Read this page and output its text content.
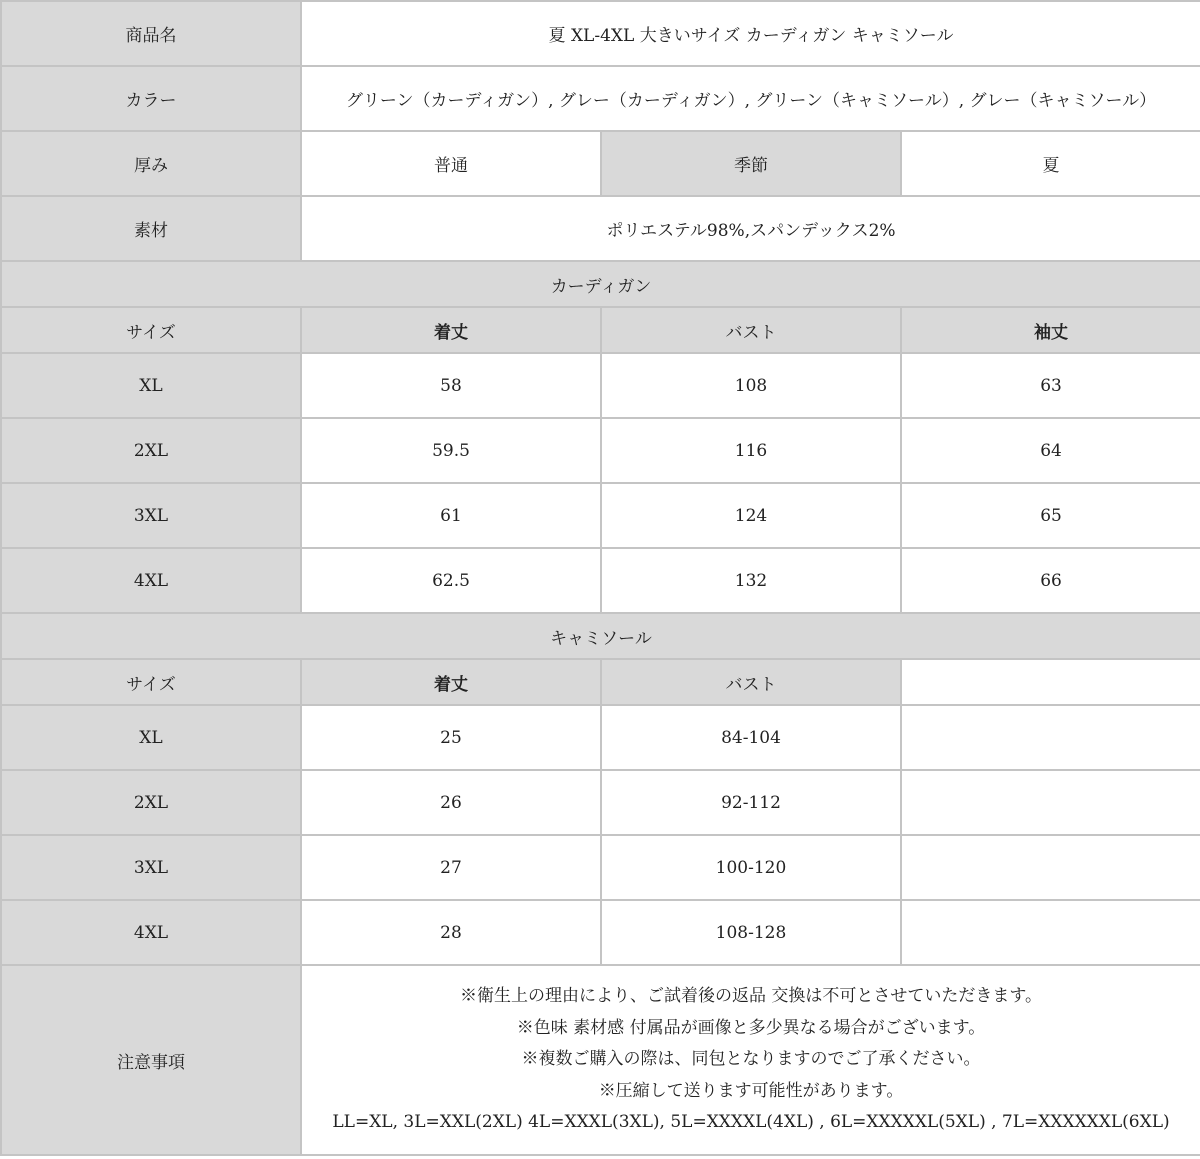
商品名	夏 XL-4XL 大きいサイズ カーディガン キャミソール		
カラー	グリーン（カーディガン）, グレー（カーディガン）, グリーン（キャミソール）, グレー（キャミソール）		
厚み	普通	季節	夏
素材	ポリエステル98%,スパンデックス2%		
カーディガン			
サイズ	着丈	バスト	袖丈
XL	58	108	63
2XL	59.5	116	64
3XL	61	124	65
4XL	62.5	132	66
キャミソール			
サイズ	着丈	バスト	
XL	25	84-104	
2XL	26	92-112	
3XL	27	100-120	
4XL	28	108-128	
注意事項	※衛生上の理由により、ご試着後の返品 交換は不可とさせていただきます。
※色味 素材感 付属品が画像と多少異なる場合がございます。
※複数ご購入の際は、同包となりますのでご了承ください。
※圧縮して送ります可能性があります。
LL=XL, 3L=XXL(2XL) 4L=XXXL(3XL), 5L=XXXXL(4XL) , 6L=XXXXXL(5XL) , 7L=XXXXXXL(6XL)		
